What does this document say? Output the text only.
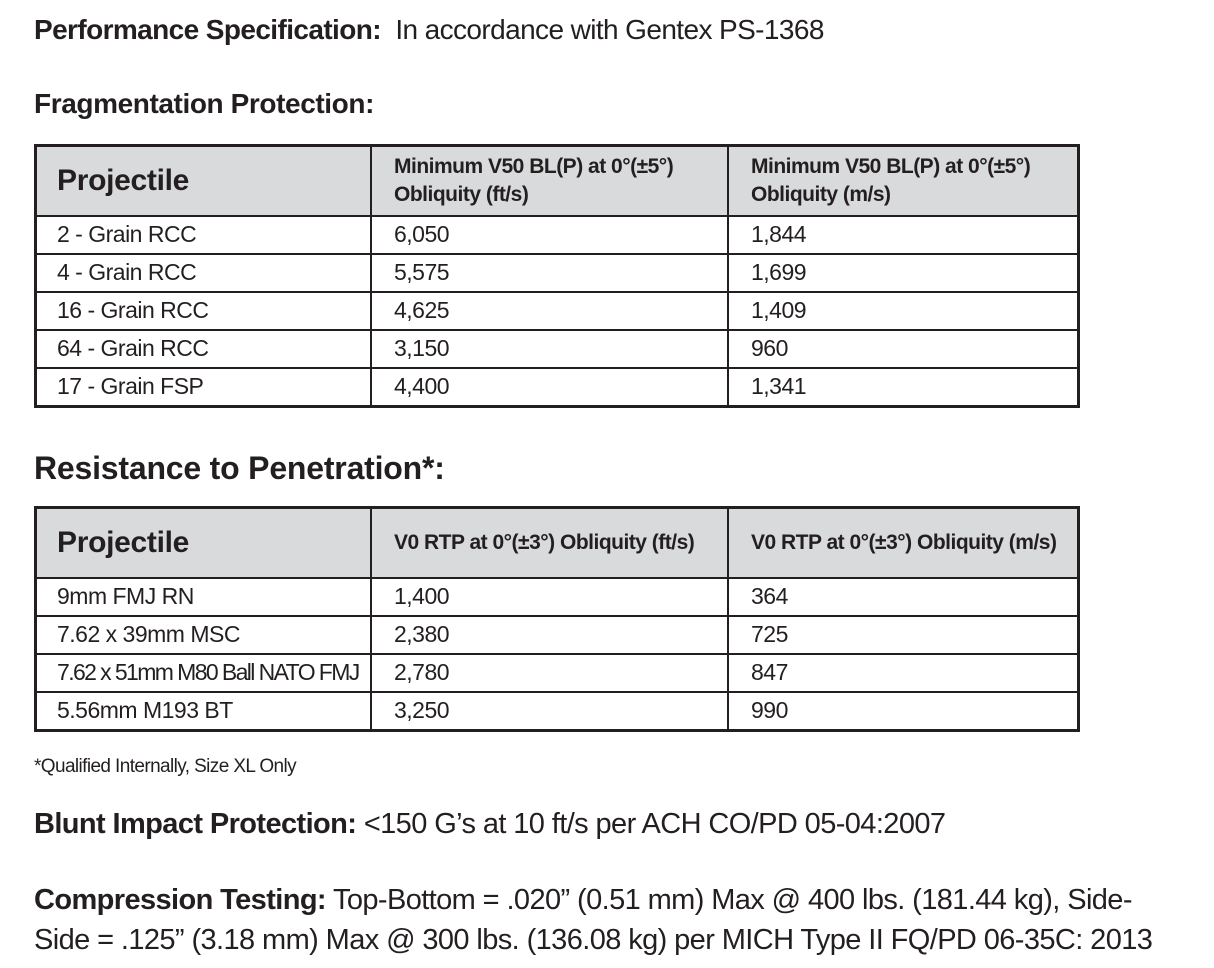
Performance Specification: In accordance with Gentex PS-1368
Fragmentation Protection:
Projectile	Minimum V50 BL(P) at 0°(±5°) Obliquity (ft/s)	Minimum V50 BL(P) at 0°(±5°) Obliquity (m/s)
2 - Grain RCC	6,050	1,844
4 - Grain RCC	5,575	1,699
16 - Grain RCC	4,625	1,409
64 - Grain RCC	3,150	960
17 - Grain FSP	4,400	1,341
Resistance to Penetration*:
Projectile	V0 RTP at 0°(±3°) Obliquity (ft/s)	V0 RTP at 0°(±3°) Obliquity (m/s)
9mm FMJ RN	1,400	364
7.62 x 39mm MSC	2,380	725
7.62 x 51mm M80 Ball NATO FMJ	2,780	847
5.56mm M193 BT	3,250	990
*Qualified Internally, Size XL Only
Blunt Impact Protection: <150 G’s at 10 ft/s per ACH CO/PD 05-04:2007
Compression Testing: Top-Bottom = .020” (0.51 mm) Max @ 400 lbs. (181.44 kg), Side-Side = .125” (3.18 mm) Max @ 300 lbs. (136.08 kg) per MICH Type II FQ/PD 06-35C: 2013
